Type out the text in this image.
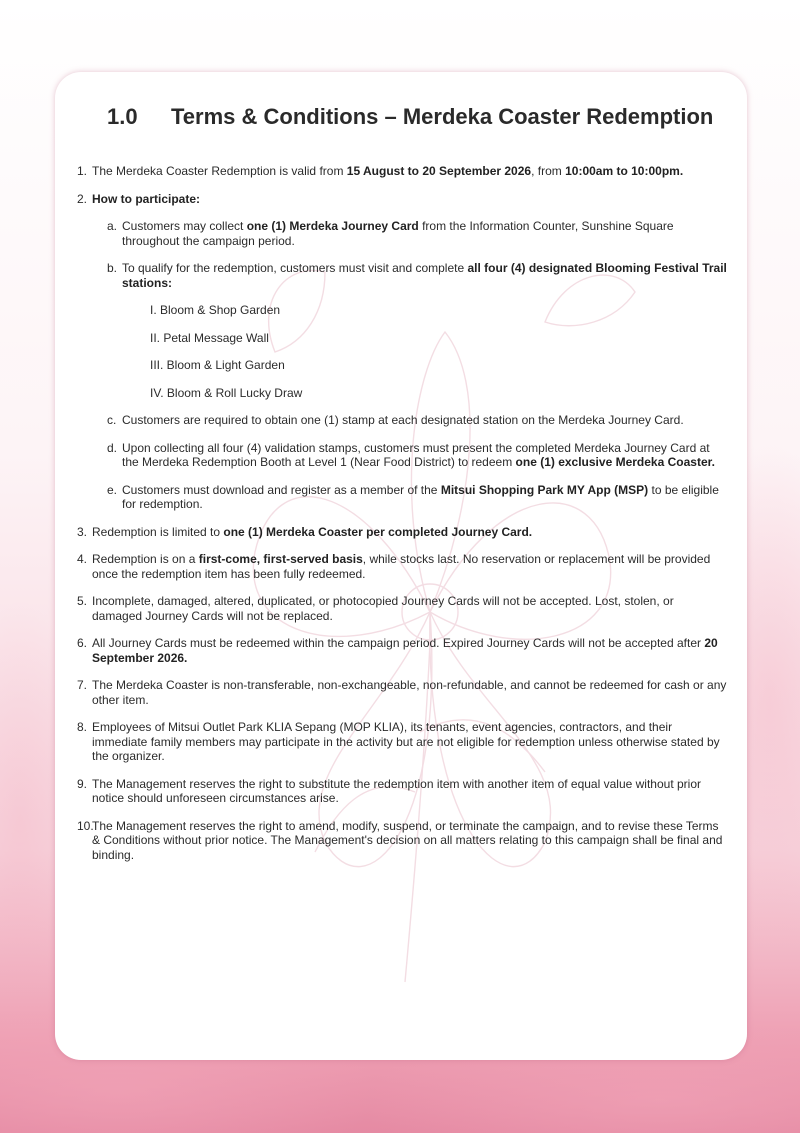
1.0 Terms & Conditions – Merdeka Coaster Redemption
1. The Merdeka Coaster Redemption is valid from 15 August to 20 September 2026, from 10:00am to 10:00pm.
2. How to participate:
a. Customers may collect one (1) Merdeka Journey Card from the Information Counter, Sunshine Square throughout the campaign period.
b. To qualify for the redemption, customers must visit and complete all four (4) designated Blooming Festival Trail stations:
I. Bloom & Shop Garden
II. Petal Message Wall
III. Bloom & Light Garden
IV. Bloom & Roll Lucky Draw
c. Customers are required to obtain one (1) stamp at each designated station on the Merdeka Journey Card.
d. Upon collecting all four (4) validation stamps, customers must present the completed Merdeka Journey Card at the Merdeka Redemption Booth at Level 1 (Near Food District) to redeem one (1) exclusive Merdeka Coaster.
e. Customers must download and register as a member of the Mitsui Shopping Park MY App (MSP) to be eligible for redemption.
3. Redemption is limited to one (1) Merdeka Coaster per completed Journey Card.
4. Redemption is on a first-come, first-served basis, while stocks last. No reservation or replacement will be provided once the redemption item has been fully redeemed.
5. Incomplete, damaged, altered, duplicated, or photocopied Journey Cards will not be accepted. Lost, stolen, or damaged Journey Cards will not be replaced.
6. All Journey Cards must be redeemed within the campaign period. Expired Journey Cards will not be accepted after 20 September 2026.
7. The Merdeka Coaster is non-transferable, non-exchangeable, non-refundable, and cannot be redeemed for cash or any other item.
8. Employees of Mitsui Outlet Park KLIA Sepang (MOP KLIA), its tenants, event agencies, contractors, and their immediate family members may participate in the activity but are not eligible for redemption unless otherwise stated by the organizer.
9. The Management reserves the right to substitute the redemption item with another item of equal value without prior notice should unforeseen circumstances arise.
10.
The Management reserves the right to amend, modify, suspend, or terminate the campaign, and to revise these Terms & Conditions without prior notice. The Management's decision on all matters relating to this campaign shall be final and binding.
